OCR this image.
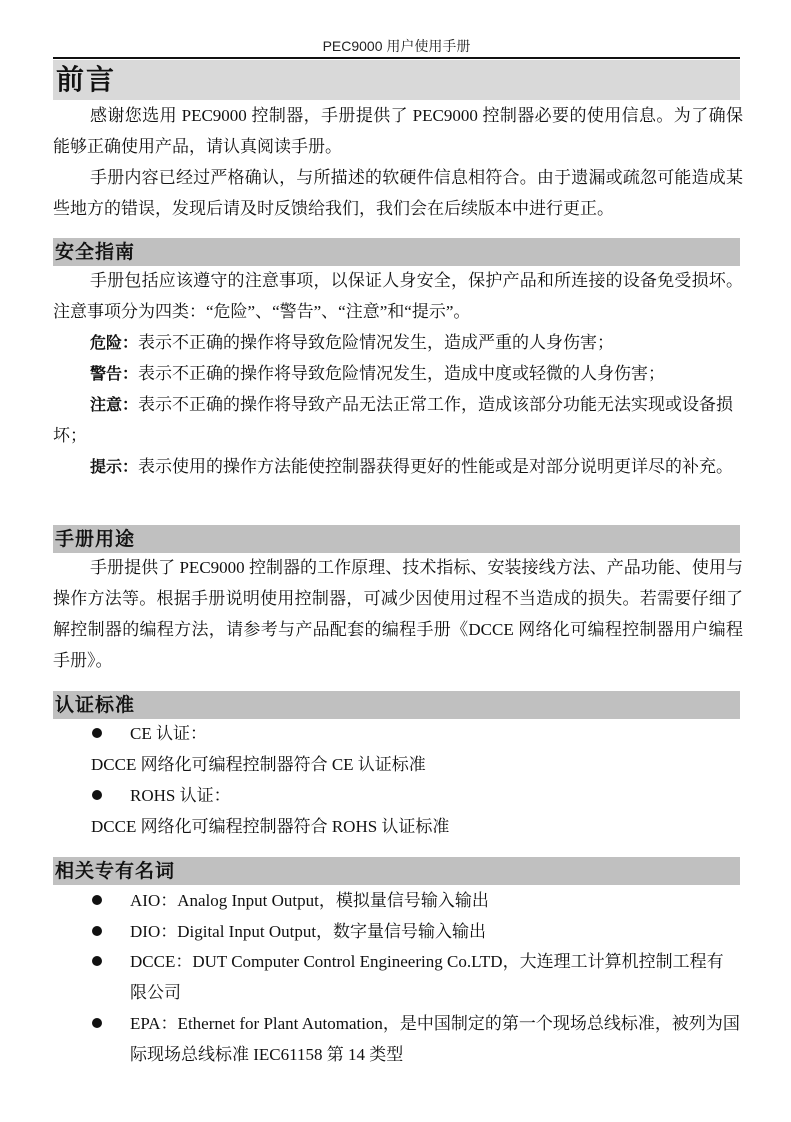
PEC9000 用户使用手册
前言
感谢您选用 PEC9000 控制器，手册提供了 PEC9000 控制器必要的使用信息。为了确保能够正确使用产品，请认真阅读手册。
手册内容已经过严格确认，与所描述的软硬件信息相符合。由于遗漏或疏忽可能造成某些地方的错误，发现后请及时反馈给我们，我们会在后续版本中进行更正。
安全指南
手册包括应该遵守的注意事项，以保证人身安全，保护产品和所连接的设备免受损坏。注意事项分为四类：“危险”、“警告”、“注意”和“提示”。
危险：表示不正确的操作将导致危险情况发生，造成严重的人身伤害；
警告：表示不正确的操作将导致危险情况发生，造成中度或轻微的人身伤害；
注意：表示不正确的操作将导致产品无法正常工作，造成该部分功能无法实现或设备损坏；
提示：表示使用的操作方法能使控制器获得更好的性能或是对部分说明更详尽的补充。
手册用途
手册提供了 PEC9000 控制器的工作原理、技术指标、安装接线方法、产品功能、使用与操作方法等。根据手册说明使用控制器，可减少因使用过程不当造成的损失。若需要仔细了解控制器的编程方法，请参考与产品配套的编程手册《DCCE 网络化可编程控制器用户编程手册》。
认证标准
CE 认证：
DCCE 网络化可编程控制器符合 CE 认证标准
ROHS 认证：
DCCE 网络化可编程控制器符合 ROHS 认证标准
相关专有名词
AIO：Analog Input Output，模拟量信号输入输出
DIO：Digital Input Output，数字量信号输入输出
DCCE：DUT Computer Control Engineering Co.LTD，大连理工计算机控制工程有限公司
EPA：Ethernet for Plant Automation，是中国制定的第一个现场总线标准，被列为国际现场总线标准 IEC61158 第 14 类型
